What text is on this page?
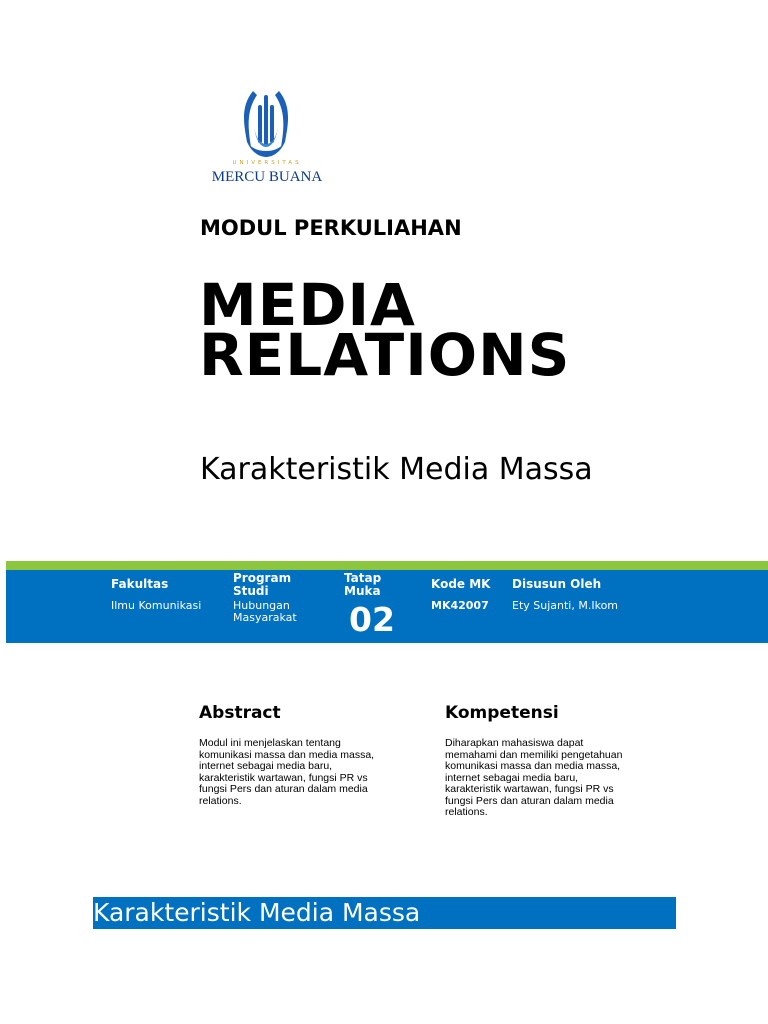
UNIVERSITAS
MERCU BUANA
MODUL PERKULIAHAN
MEDIA
RELATIONS
Karakteristik Media Massa
Fakultas
Ilmu Komunikasi
Program
Studi
Hubungan
Masyarakat
Tatap
Muka
02
Kode MK
MK42007
Disusun Oleh
Ety Sujanti, M.Ikom
Abstract
Modul ini menjelaskan tentang
komunikasi massa dan media massa,
internet sebagai media baru,
karakteristik wartawan, fungsi PR vs
fungsi Pers dan aturan dalam media
relations.
Kompetensi
Diharapkan mahasiswa dapat
memahami dan memiliki pengetahuan
komunikasi massa dan media massa,
internet sebagai media baru,
karakteristik wartawan, fungsi PR vs
fungsi Pers dan aturan dalam media
relations.
Karakteristik Media Massa
